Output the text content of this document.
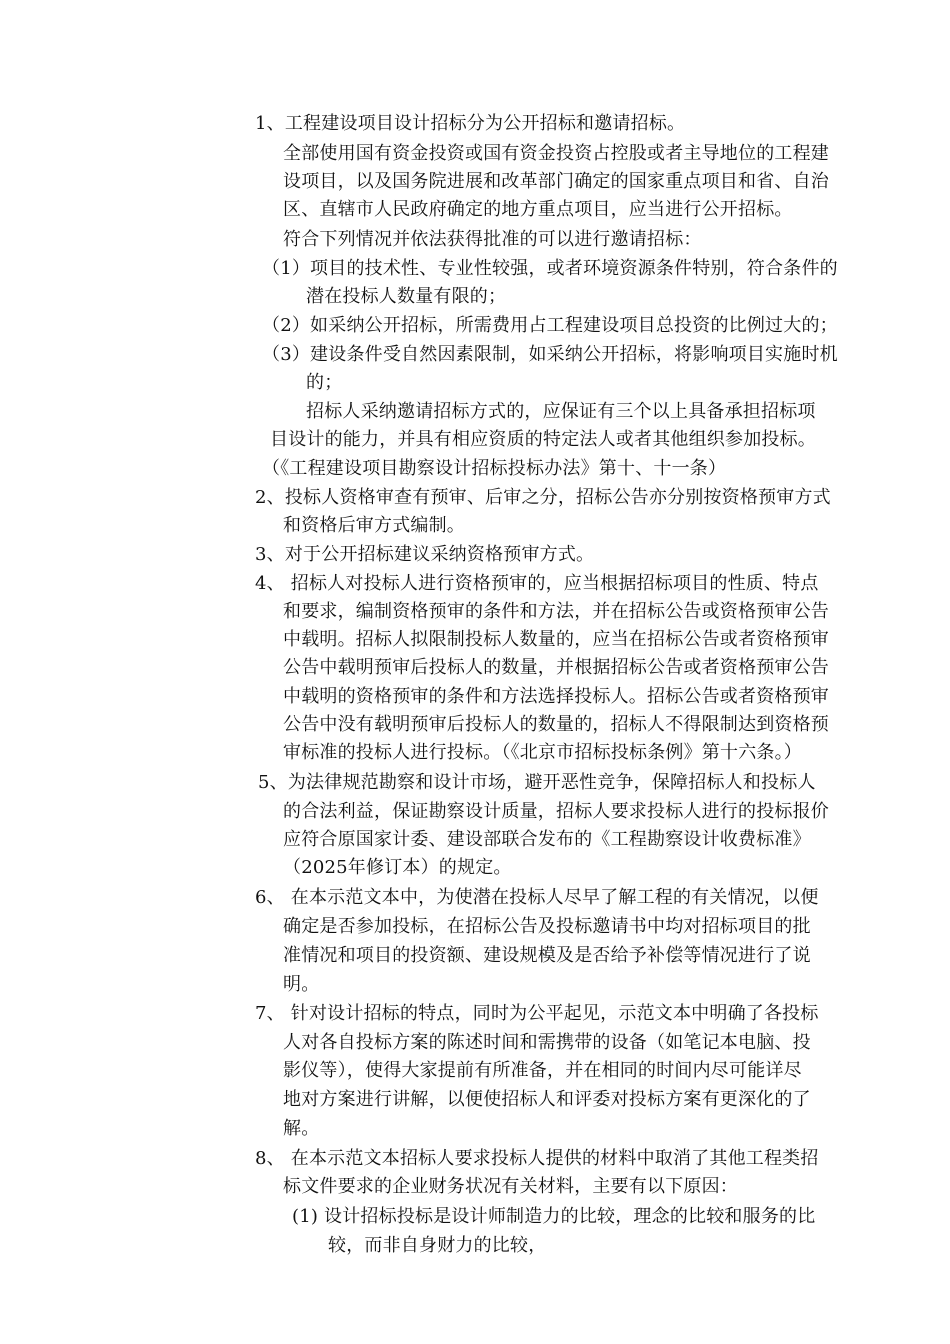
1、工程建设项目设计招标分为公开招标和邀请招标。
全部使用国有资金投资或国有资金投资占控股或者主导地位的工程建
设项目，以及国务院进展和改革部门确定的国家重点项目和省、自治
区、直辖市人民政府确定的地方重点项目，应当进行公开招标。
符合下列情况并依法获得批准的可以进行邀请招标：
（1）项目的技术性、专业性较强，或者环境资源条件特别，符合条件的
潜在投标人数量有限的；
（2）如采纳公开招标，所需费用占工程建设项目总投资的比例过大的；
（3）建设条件受自然因素限制，如采纳公开招标，将影响项目实施时机
的；
招标人采纳邀请招标方式的，应保证有三个以上具备承担招标项
目设计的能力，并具有相应资质的特定法人或者其他组织参加投标。
（《工程建设项目勘察设计招标投标办法》第十、十一条）
2、投标人资格审查有预审、后审之分，招标公告亦分别按资格预审方式
和资格后审方式编制。
3、对于公开招标建议采纳资格预审方式。
4、 招标人对投标人进行资格预审的，应当根据招标项目的性质、特点
和要求，编制资格预审的条件和方法，并在招标公告或资格预审公告
中载明。招标人拟限制投标人数量的，应当在招标公告或者资格预审
公告中载明预审后投标人的数量，并根据招标公告或者资格预审公告
中载明的资格预审的条件和方法选择投标人。招标公告或者资格预审
公告中没有载明预审后投标人的数量的，招标人不得限制达到资格预
审标准的投标人进行投标。（《北京市招标投标条例》第十六条。）
5、为法律规范勘察和设计市场，避开恶性竞争，保障招标人和投标人
的合法利益，保证勘察设计质量，招标人要求投标人进行的投标报价
应符合原国家计委、建设部联合发布的《工程勘察设计收费标准》
（2025年修订本）的规定。
6、 在本示范文本中，为使潜在投标人尽早了解工程的有关情况，以便
确定是否参加投标，在招标公告及投标邀请书中均对招标项目的批
准情况和项目的投资额、建设规模及是否给予补偿等情况进行了说
明。
7、 针对设计招标的特点，同时为公平起见，示范文本中明确了各投标
人对各自投标方案的陈述时间和需携带的设备（如笔记本电脑、投
影仪等），使得大家提前有所准备，并在相同的时间内尽可能详尽
地对方案进行讲解，以便使招标人和评委对投标方案有更深化的了
解。
8、 在本示范文本招标人要求投标人提供的材料中取消了其他工程类招
标文件要求的企业财务状况有关材料，主要有以下原因：
(1) 设计招标投标是设计师制造力的比较，理念的比较和服务的比
较，而非自身财力的比较，
